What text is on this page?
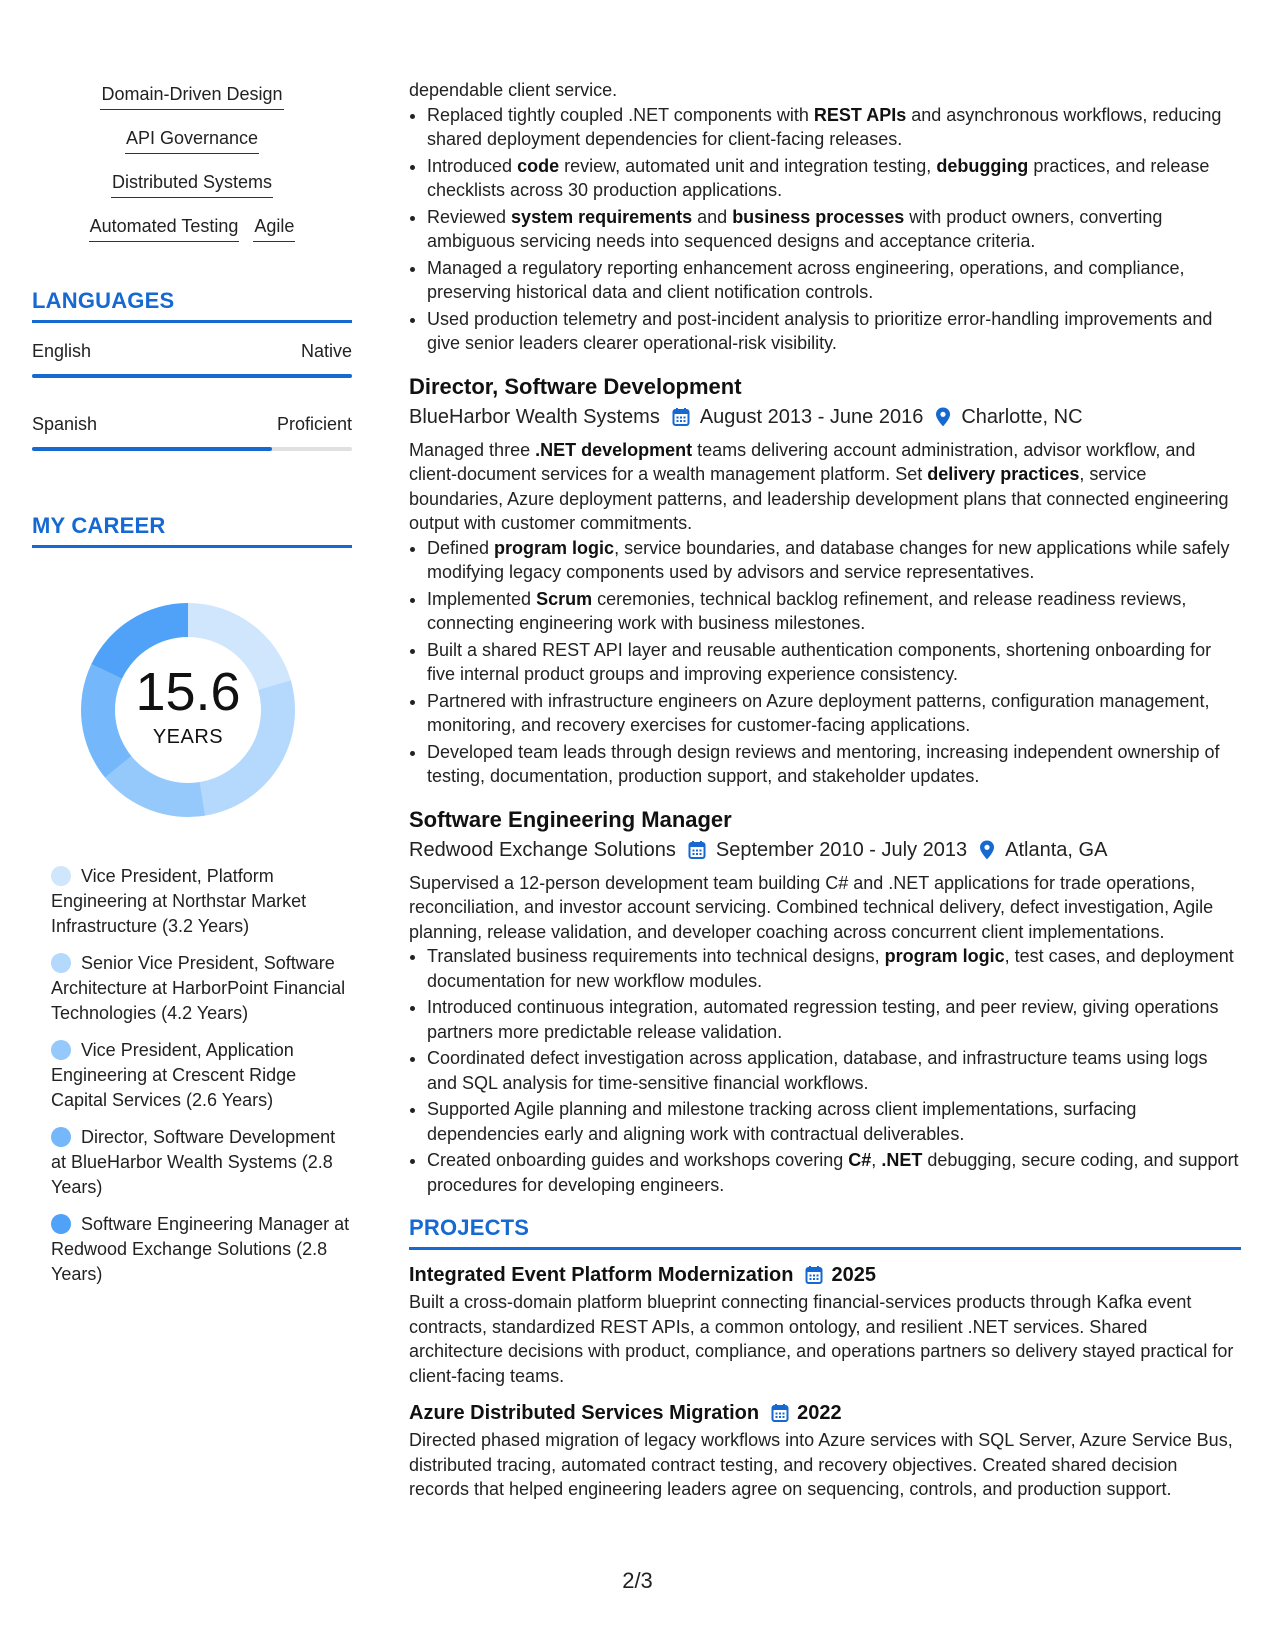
Domain-Driven Design
API Governance
Distributed Systems
Automated Testing Agile
LANGUAGES
English	Native
Spanish	Proficient
MY CAREER
15.6
YEARS
Vice President, Platform Engineering at Northstar Market Infrastructure (3.2 Years)
Senior Vice President, Software Architecture at HarborPoint Financial Technologies (4.2 Years)
Vice President, Application Engineering at Crescent Ridge Capital Services (2.6 Years)
Director, Software Development at BlueHarbor Wealth Systems (2.8 Years)
Software Engineering Manager at Redwood Exchange Solutions (2.8 Years)
dependable client service.
• Replaced tightly coupled .NET components with REST APIs and asynchronous workflows, reducing shared deployment dependencies for client-facing releases.
• Introduced code review, automated unit and integration testing, debugging practices, and release checklists across 30 production applications.
• Reviewed system requirements and business processes with product owners, converting ambiguous servicing needs into sequenced designs and acceptance criteria.
• Managed a regulatory reporting enhancement across engineering, operations, and compliance, preserving historical data and client notification controls.
• Used production telemetry and post-incident analysis to prioritize error-handling improvements and give senior leaders clearer operational-risk visibility.
Director, Software Development
BlueHarbor Wealth Systems August 2013 - June 2016 Charlotte, NC
Managed three .NET development teams delivering account administration, advisor workflow, and client-document services for a wealth management platform. Set delivery practices, service boundaries, Azure deployment patterns, and leadership development plans that connected engineering output with customer commitments.
• Defined program logic, service boundaries, and database changes for new applications while safely modifying legacy components used by advisors and service representatives.
• Implemented Scrum ceremonies, technical backlog refinement, and release readiness reviews, connecting engineering work with business milestones.
• Built a shared REST API layer and reusable authentication components, shortening onboarding for five internal product groups and improving experience consistency.
• Partnered with infrastructure engineers on Azure deployment patterns, configuration management, monitoring, and recovery exercises for customer-facing applications.
• Developed team leads through design reviews and mentoring, increasing independent ownership of testing, documentation, production support, and stakeholder updates.
Software Engineering Manager
Redwood Exchange Solutions September 2010 - July 2013 Atlanta, GA
Supervised a 12-person development team building C# and .NET applications for trade operations, reconciliation, and investor account servicing. Combined technical delivery, defect investigation, Agile planning, release validation, and developer coaching across concurrent client implementations.
• Translated business requirements into technical designs, program logic, test cases, and deployment documentation for new workflow modules.
• Introduced continuous integration, automated regression testing, and peer review, giving operations partners more predictable release validation.
• Coordinated defect investigation across application, database, and infrastructure teams using logs and SQL analysis for time-sensitive financial workflows.
• Supported Agile planning and milestone tracking across client implementations, surfacing dependencies early and aligning work with contractual deliverables.
• Created onboarding guides and workshops covering C#, .NET debugging, secure coding, and support procedures for developing engineers.
PROJECTS
Integrated Event Platform Modernization 2025
Built a cross-domain platform blueprint connecting financial-services products through Kafka event contracts, standardized REST APIs, a common ontology, and resilient .NET services. Shared architecture decisions with product, compliance, and operations partners so delivery stayed practical for client-facing teams.
Azure Distributed Services Migration 2022
Directed phased migration of legacy workflows into Azure services with SQL Server, Azure Service Bus, distributed tracing, automated contract testing, and recovery objectives. Created shared decision records that helped engineering leaders agree on sequencing, controls, and production support.
2/3
